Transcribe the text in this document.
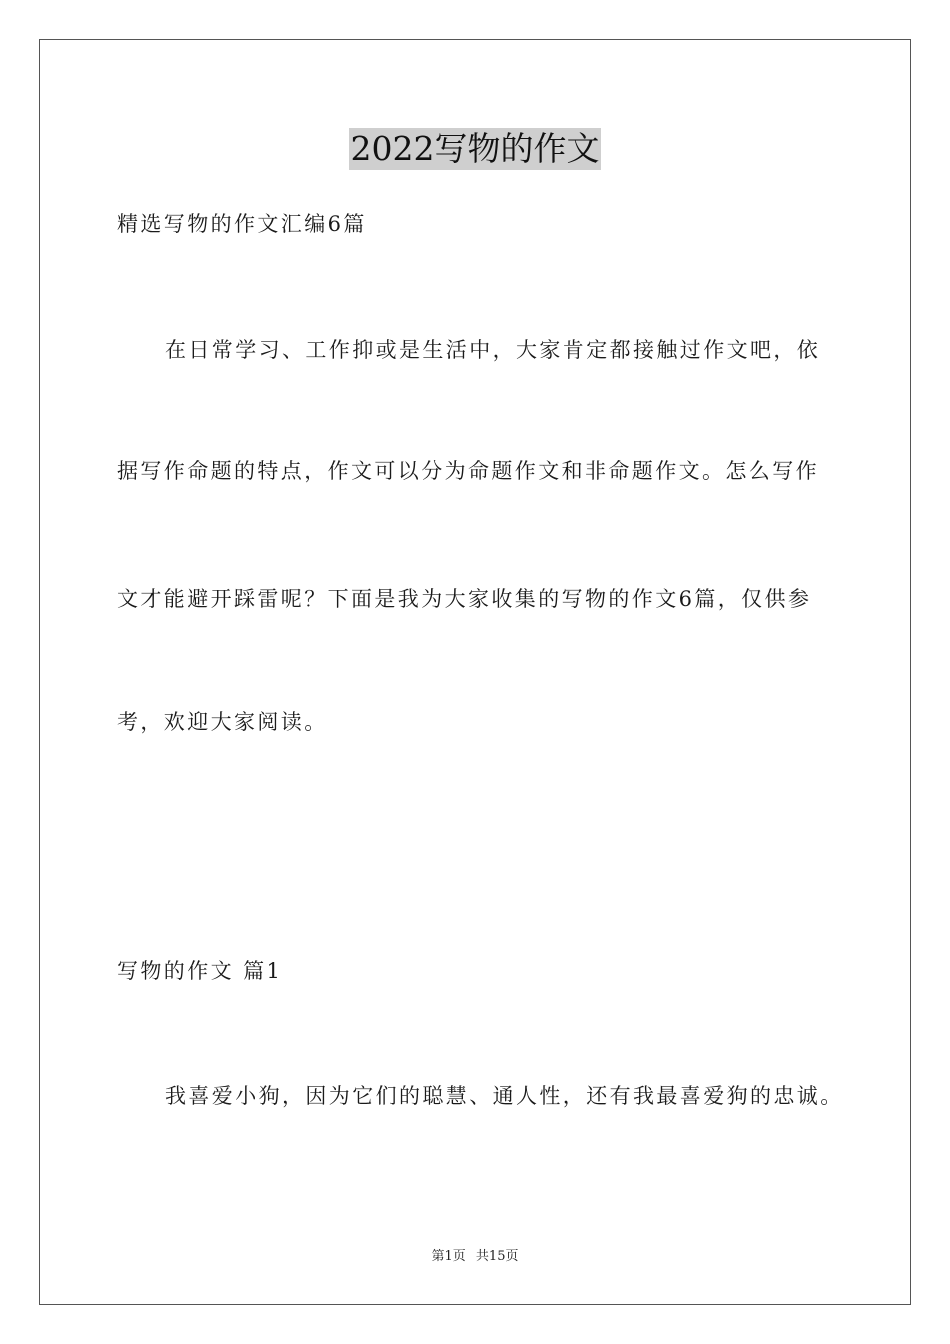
2022写物的作文
精选写物的作文汇编6篇
在日常学习、工作抑或是生活中，大家肯定都接触过作文吧，依
据写作命题的特点，作文可以分为命题作文和非命题作文。怎么写作
文才能避开踩雷呢？下面是我为大家收集的写物的作文6篇，仅供参
考，欢迎大家阅读。
写物的作文 篇1
我喜爱小狗，因为它们的聪慧、通人性，还有我最喜爱狗的忠诚。
第1页 共15页
